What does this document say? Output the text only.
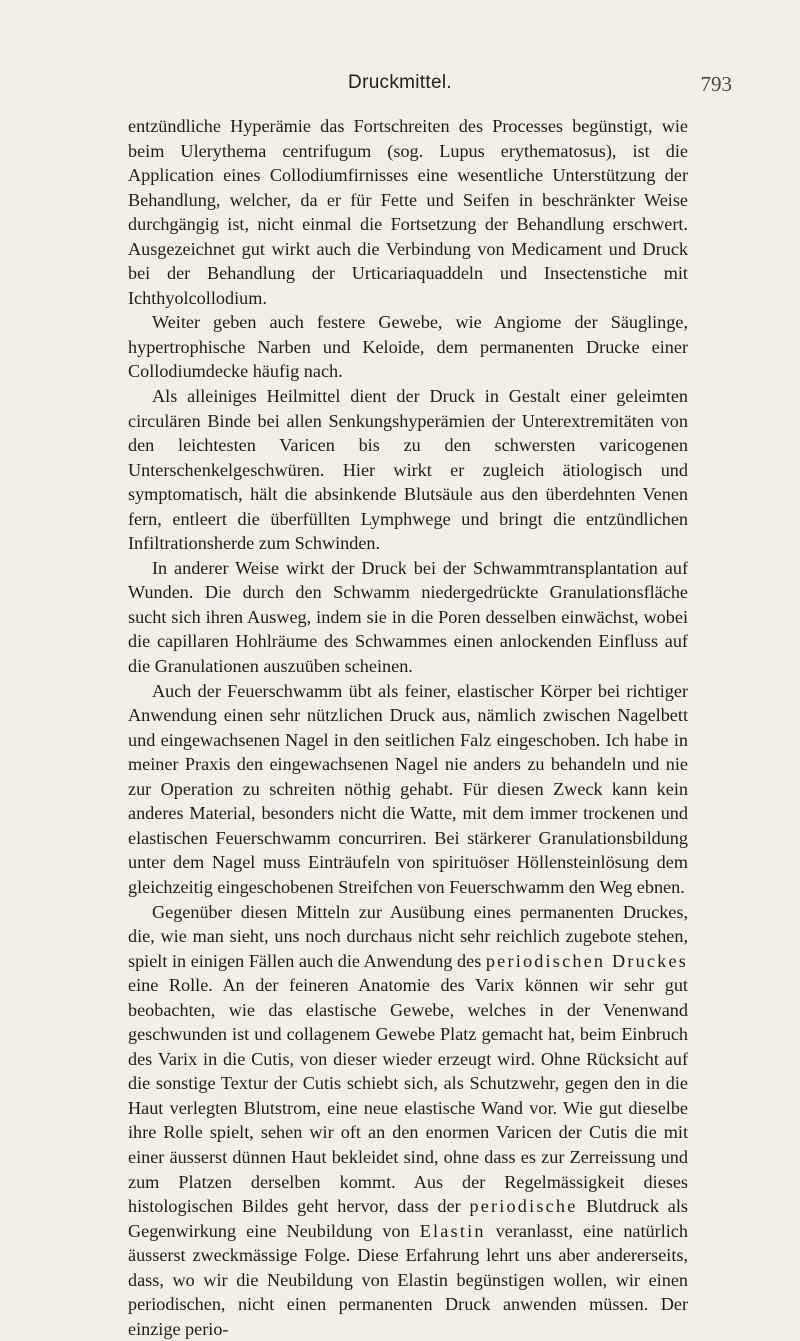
Druckmittel.	793

entzündliche Hyperämie das Fortschreiten des Processes begünstigt, wie beim Ulerythema centrifugum (sog. Lupus erythematosus), ist die Application eines Collodiumfirnisses eine wesentliche Unterstützung der Behandlung, welcher, da er für Fette und Seifen in beschränkter Weise durchgängig ist, nicht einmal die Fortsetzung der Behandlung erschwert. Ausgezeichnet gut wirkt auch die Verbindung von Medicament und Druck bei der Behandlung der Urticariaquaddeln und Insectenstiche mit Ichthyolcollodium.

Weiter geben auch festere Gewebe, wie Angiome der Säuglinge, hypertrophische Narben und Keloide, dem permanenten Drucke einer Collodiumdecke häufig nach.

Als alleiniges Heilmittel dient der Druck in Gestalt einer geleimten circulären Binde bei allen Senkungshyperämien der Unterextremitäten von den leichtesten Varicen bis zu den schwersten varicogenen Unterschenkelgeschwüren. Hier wirkt er zugleich ätiologisch und symptomatisch, hält die absinkende Blutsäule aus den überdehnten Venen fern, entleert die überfüllten Lymphwege und bringt die entzündlichen Infiltrationsherde zum Schwinden.

In anderer Weise wirkt der Druck bei der Schwammtransplantation auf Wunden. Die durch den Schwamm niedergedrückte Granulationsfläche sucht sich ihren Ausweg, indem sie in die Poren desselben einwächst, wobei die capillaren Hohlräume des Schwammes einen anlockenden Einfluss auf die Granulationen auszuüben scheinen.

Auch der Feuerschwamm übt als feiner, elastischer Körper bei richtiger Anwendung einen sehr nützlichen Druck aus, nämlich zwischen Nagelbett und eingewachsenen Nagel in den seitlichen Falz eingeschoben. Ich habe in meiner Praxis den eingewachsenen Nagel nie anders zu behandeln und nie zur Operation zu schreiten nöthig gehabt. Für diesen Zweck kann kein anderes Material, besonders nicht die Watte, mit dem immer trockenen und elastischen Feuerschwamm concurriren. Bei stärkerer Granulationsbildung unter dem Nagel muss Einträufeln von spirituöser Höllensteinlösung dem gleichzeitig eingeschobenen Streifchen von Feuerschwamm den Weg ebnen.

Gegenüber diesen Mitteln zur Ausübung eines permanenten Druckes, die, wie man sieht, uns noch durchaus nicht sehr reichlich zugebote stehen, spielt in einigen Fällen auch die Anwendung des periodischen Druckes eine Rolle. An der feineren Anatomie des Varix können wir sehr gut beobachten, wie das elastische Gewebe, welches in der Venenwand geschwunden ist und collagenem Gewebe Platz gemacht hat, beim Einbruch des Varix in die Cutis, von dieser wieder erzeugt wird. Ohne Rücksicht auf die sonstige Textur der Cutis schiebt sich, als Schutzwehr, gegen den in die Haut verlegten Blutstrom, eine neue elastische Wand vor. Wie gut dieselbe ihre Rolle spielt, sehen wir oft an den enormen Varicen der Cutis die mit einer äusserst dünnen Haut bekleidet sind, ohne dass es zur Zerreissung und zum Platzen derselben kommt. Aus der Regelmässigkeit dieses histologischen Bildes geht hervor, dass der periodische Blutdruck als Gegenwirkung eine Neubildung von Elastin veranlasst, eine natürlich äusserst zweckmässige Folge. Diese Erfahrung lehrt uns aber andererseits, dass, wo wir die Neubildung von Elastin begünstigen wollen, wir einen periodischen, nicht einen permanenten Druck anwenden müssen. Der einzige perio-
